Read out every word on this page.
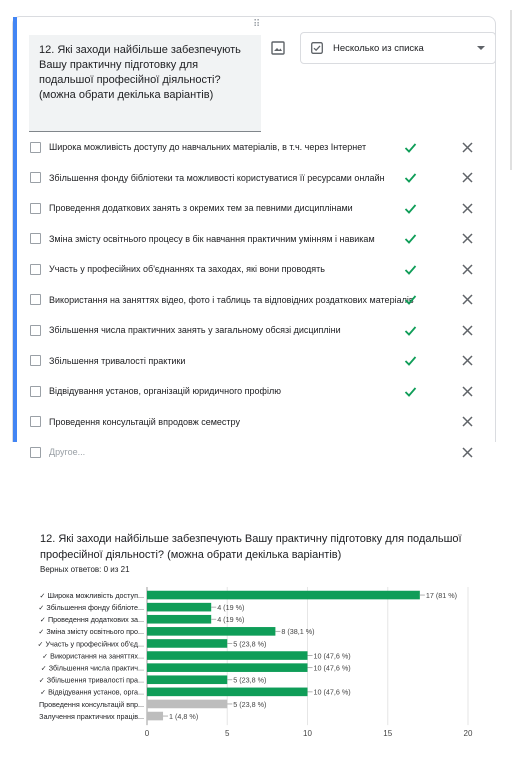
⠿
12. Які заходи найбільше забезпечують Вашу практичну підготовку для подальшої професійної діяльності? (можна обрати декілька варіантів)
Несколько из списка
Широка можливість доступу до навчальних матеріалів, в т.ч. через Інтернет
Збільшення фонду бібліотеки та можливості користуватися її ресурсами онлайн
Проведення додаткових занять з окремих тем за певними дисциплінами
Зміна змісту освітнього процесу в бік навчання практичним умінням і навикам
Участь у професійних об'єднаннях та заходах, які вони проводять
Використання на заняттях відео, фото і таблиць та відповідних роздаткових матеріалів
Збільшення числа практичних занять у загальному обсязі дисципліни
Збільшення тривалості практики
Відвідування установ, організацій юридичного профілю
Проведення консультацій впродовж семестру
Другое...
12. Які заходи найбільше забезпечують Вашу практичну підготовку для подальшої професійної діяльності? (можна обрати декілька варіантів)
Верных ответов: 0 из 21
0	5	10	15	20
✓ Широка можливість доступ...	17 (81 %)
✓ Збільшення фонду бібліоте...	4 (19 %)
✓ Проведення додаткових за...	4 (19 %)
✓ Зміна змісту освітнього про...	8 (38,1 %)
✓ Участь у професійних об'єд...	5 (23,8 %)
✓ Використання на заняттях...	10 (47,6 %)
✓ Збільшення числа практич...	10 (47,6 %)
✓ Збільшення тривалості пра...	5 (23,8 %)
✓ Відвідування установ, орга...	10 (47,6 %)
Проведення консультацій впр...	5 (23,8 %)
Залучення практичних праців...	1 (4,8 %)
